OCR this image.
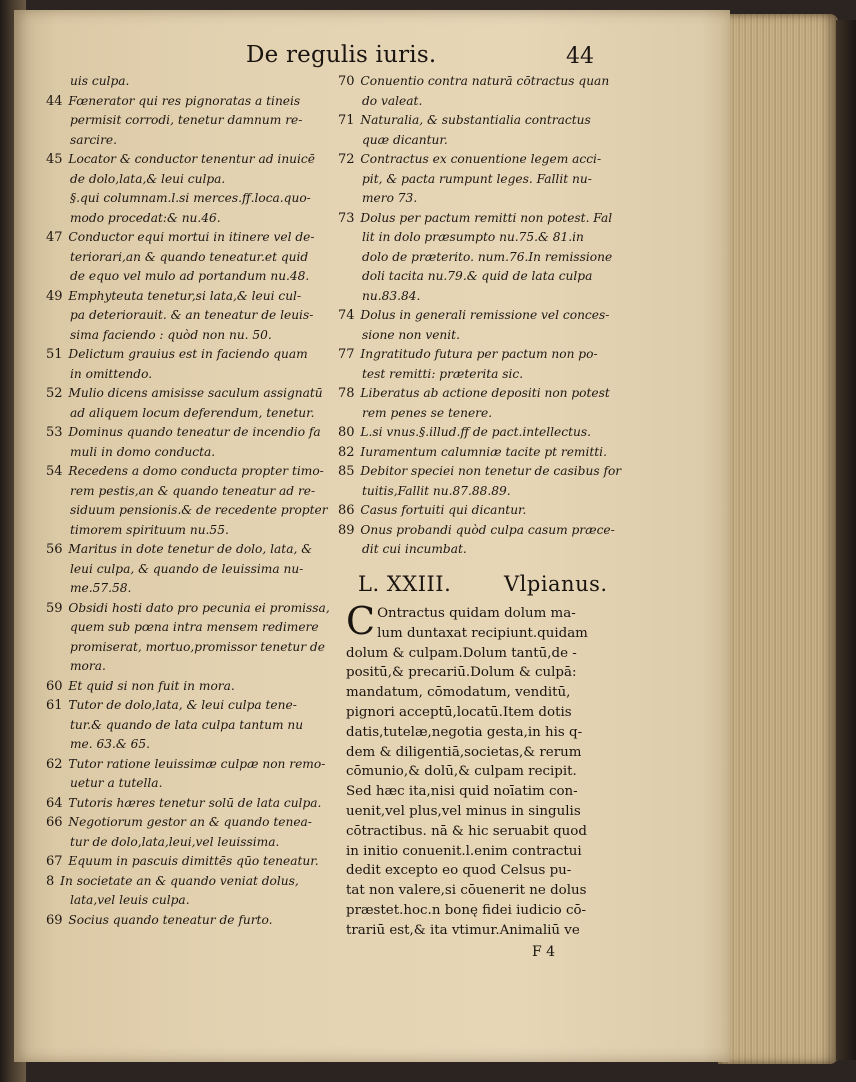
De regulis iuris.	44
uis culpa.
44 Fœnerator qui res pignoratas a tineis
permisit corrodi, tenetur damnum re-
sarcire.
45 Locator & conductor tenentur ad inuicē
de dolo,lata,& leui culpa.
§.qui columnam.l.si merces.ff.loca.quo-
modo procedat:& nu.46.
47 Conductor equi mortui in itinere vel de-
teriorari,an & quando teneatur.et quid
de equo vel mulo ad portandum nu.48.
49 Emphyteuta tenetur,si lata,& leui cul-
pa deteriorauit. & an teneatur de leuis-
sima faciendo : quòd non nu. 50.
51 Delictum grauius est in faciendo quam
in omittendo.
52 Mulio dicens amisisse saculum assignatū
ad aliquem locum deferendum, tenetur.
53 Dominus quando teneatur de incendio fa
muli in domo conducta.
54 Recedens a domo conducta propter timo-
rem pestis,an & quando teneatur ad re-
siduum pensionis.& de recedente propter
timorem spirituum nu.55.
56 Maritus in dote tenetur de dolo, lata, &
leui culpa, & quando de leuissima nu-
me.57.58.
59 Obsidi hosti dato pro pecunia ei promissa,
quem sub pœna intra mensem redimere
promiserat, mortuo,promissor tenetur de
mora.
60 Et quid si non fuit in mora.
61 Tutor de dolo,lata, & leui culpa tene-
tur.& quando de lata culpa tantum nu
me. 63.& 65.
62 Tutor ratione leuissimæ culpæ non remo-
uetur a tutella.
64 Tutoris hæres tenetur solū de lata culpa.
66 Negotiorum gestor an & quando tenea-
tur de dolo,lata,leui,vel leuissima.
67 Equum in pascuis dimittēs qūo teneatur.
8 In societate an & quando veniat dolus,
lata,vel leuis culpa.
69 Socius quando teneatur de furto.
70 Conuentio contra naturā cōtractus quan
do valeat.
71 Naturalia, & substantialia contractus
quæ dicantur.
72 Contractus ex conuentione legem acci-
pit, & pacta rumpunt leges. Fallit nu-
mero 73.
73 Dolus per pactum remitti non potest. Fal
lit in dolo præsumpto nu.75.& 81.in
dolo de præterito. num.76.In remissione
doli tacita nu.79.& quid de lata culpa
nu.83.84.
74 Dolus in generali remissione vel conces-
sione non venit.
77 Ingratitudo futura per pactum non po-
test remitti: præterita sic.
78 Liberatus ab actione depositi non potest
rem penes se tenere.
80 L.si vnus.§.illud.ff de pact.intellectus.
82 Iuramentum calumniæ tacite pt remitti.
85 Debitor speciei non tenetur de casibus for
tuitis,Fallit nu.87.88.89.
86 Casus fortuiti qui dicantur.
89 Onus probandi quòd culpa casum præce-
dit cui incumbat.
L. XXIII.	Vlpianus.
C Ontractus quidam dolum ma-
lum duntaxat recipiunt.quidam
dolum & culpam.Dolum tantū,de -
positū,& precariū.Dolum & culpā:
mandatum, cōmodatum, venditū,
pignori acceptū,locatū.Item dotis
datis,tutelæ,negotia gesta,in his q-
dem & diligentiā,societas,& rerum
cōmunio,& dolū,& culpam recipit.
Sed hæc ita,nisi quid noīatim con-
uenit,vel plus,vel minus in singulis
cōtractibus. nā & hic seruabit quod
in initio conuenit.l.enim contractui
dedit excepto eo quod Celsus pu-
tat non valere,si cōuenerit ne dolus
præstet.hoc.n bonę fidei iudicio cō-
trariū est,& ita vtimur.Animaliū ve
F 4
